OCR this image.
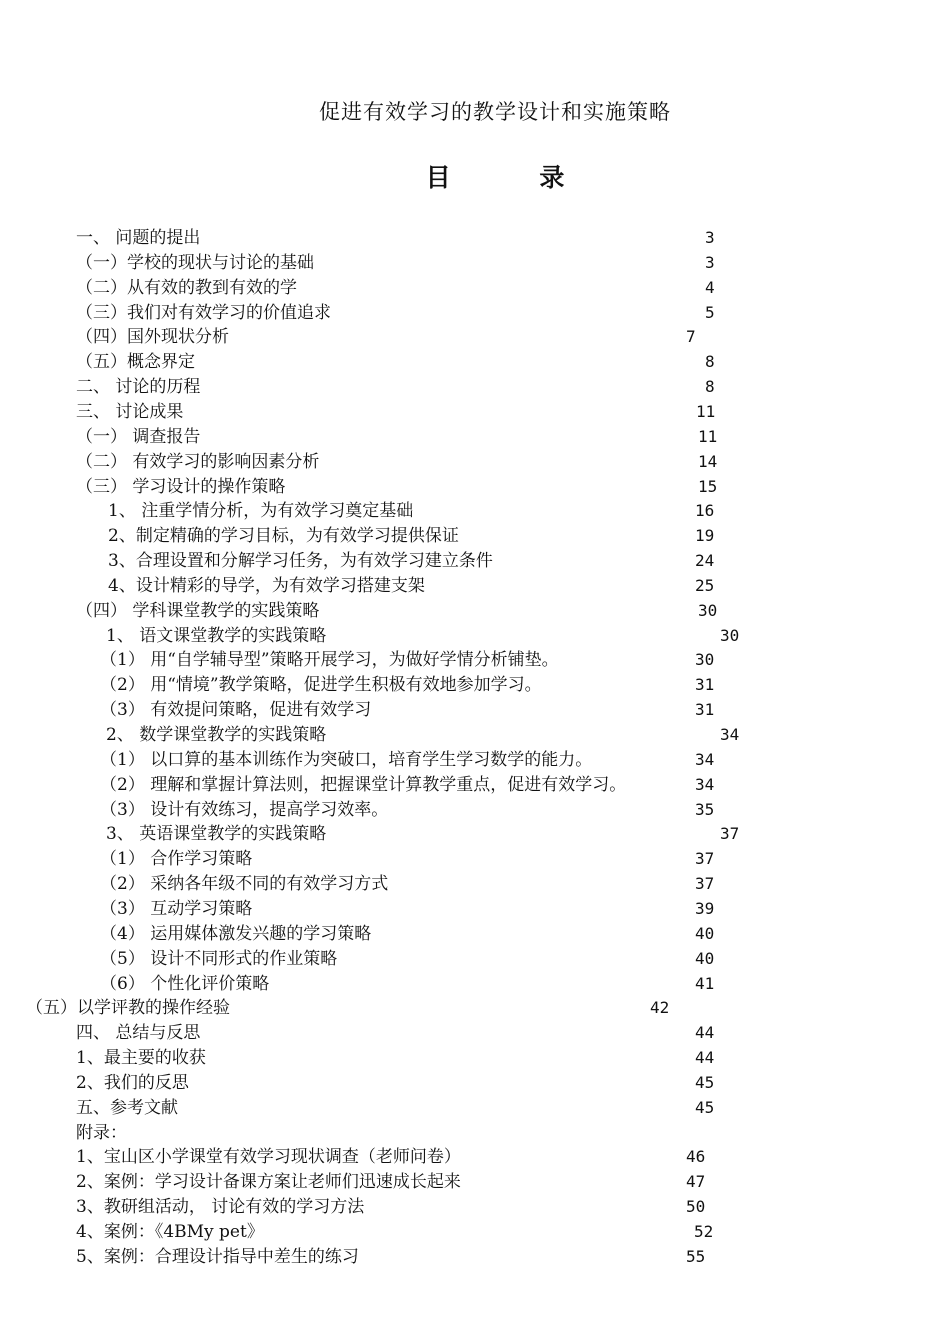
促进有效学习的教学设计和实施策略
目	录
一、 问题的提出	3
（一）学校的现状与讨论的基础	3
（二）从有效的教到有效的学	4
（三）我们对有效学习的价值追求	5
（四）国外现状分析	7
（五）概念界定	8
二、 讨论的历程	8
三、 讨论成果	11
（一） 调查报告	11
（二） 有效学习的影响因素分析	14
（三） 学习设计的操作策略	15
1、 注重学情分析，为有效学习奠定基础	16
2、制定精确的学习目标，为有效学习提供保证	19
3、合理设置和分解学习任务，为有效学习建立条件	24
4、设计精彩的导学，为有效学习搭建支架	25
（四） 学科课堂教学的实践策略	30
1、 语文课堂教学的实践策略	30
（1） 用“自学辅导型”策略开展学习，为做好学情分析铺垫。	30
（2） 用“情境”教学策略，促进学生积极有效地参加学习。	31
（3） 有效提问策略，促进有效学习	31
2、 数学课堂教学的实践策略	34
（1） 以口算的基本训练作为突破口，培育学生学习数学的能力。	34
（2） 理解和掌握计算法则，把握课堂计算教学重点，促进有效学习。	34
（3） 设计有效练习，提高学习效率。	35
3、 英语课堂教学的实践策略	37
（1） 合作学习策略	37
（2） 采纳各年级不同的有效学习方式	37
（3） 互动学习策略	39
（4） 运用媒体激发兴趣的学习策略	40
（5） 设计不同形式的作业策略	40
（6） 个性化评价策略	41
（五）以学评教的操作经验	42
四、 总结与反思	44
1、最主要的收获	44
2、我们的反思	45
五、参考文献	45
附录：
1、宝山区小学课堂有效学习现状调查（老师问卷）	46
2、案例：学习设计备课方案让老师们迅速成长起来	47
3、教研组活动， 讨论有效的学习方法	50
4、案例：《4BMy pet》	52
5、案例：合理设计指导中差生的练习	55
